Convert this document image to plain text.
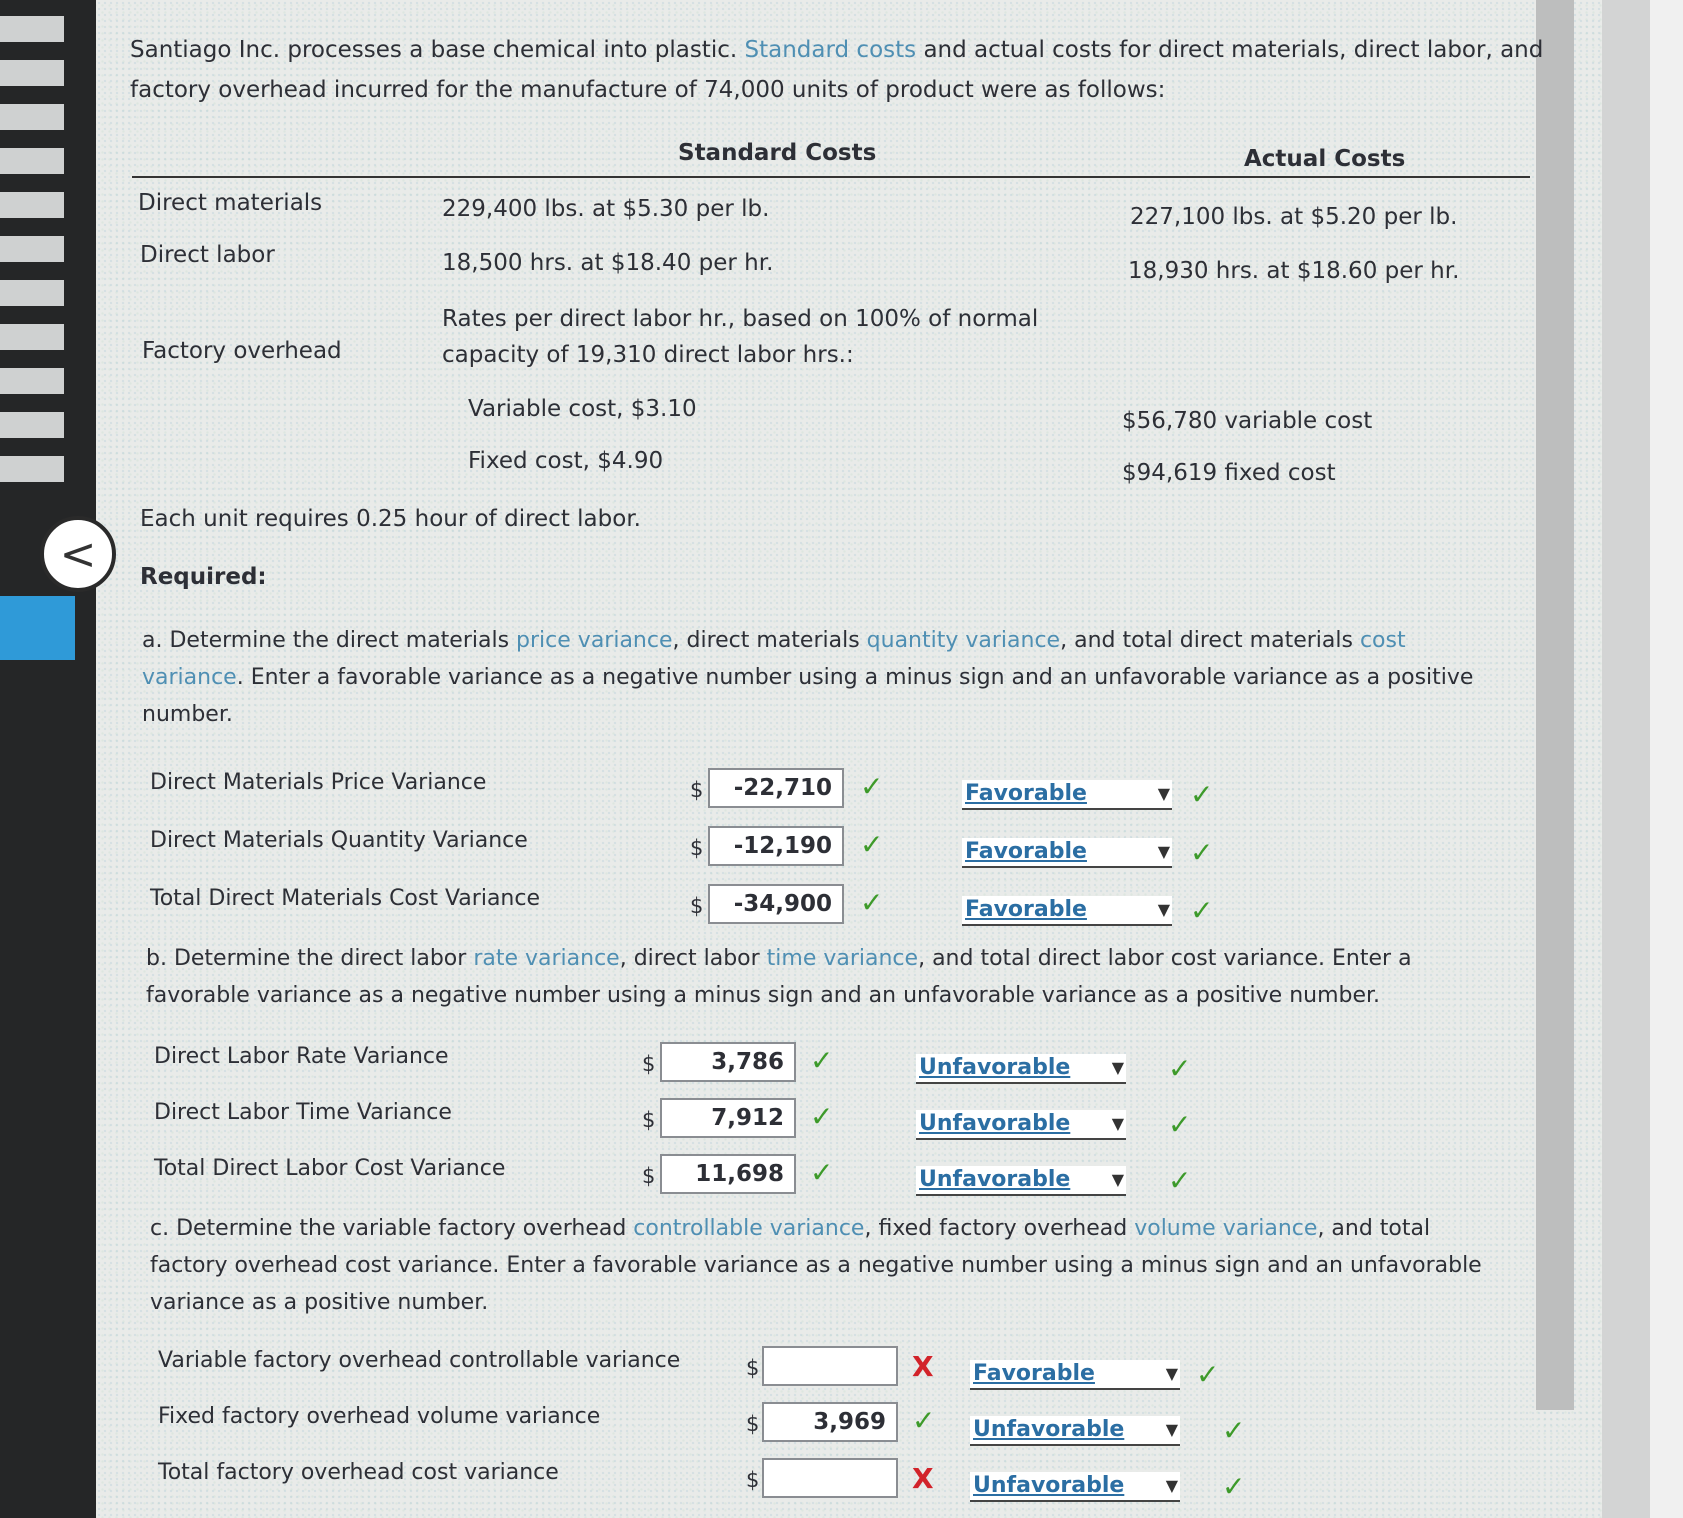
<
Santiago Inc. processes a base chemical into plastic. Standard costs and actual costs for direct materials, direct labor, and factory overhead incurred for the manufacture of 74,000 units of product were as follows:
Standard Costs	Actual Costs
Direct materials	229,400 lbs. at $5.30 per lb.	227,100 lbs. at $5.20 per lb.
Direct labor	18,500 hrs. at $18.40 per hr.	18,930 hrs. at $18.60 per hr.
Factory overhead
Rates per direct labor hr., based on 100% of normal
capacity of 19,310 direct labor hrs.:
Variable cost, $3.10	$56,780 variable cost
Fixed cost, $4.90	$94,619 fixed cost
Each unit requires 0.25 hour of direct labor.
Required:
a. Determine the direct materials price variance, direct materials quantity variance, and total direct materials cost variance. Enter a favorable variance as a negative number using a minus sign and an unfavorable variance as a positive number.
Direct Materials Price Variance	$	-22,710	✓	Favorable	▼ ✓
Direct Materials Quantity Variance	$	-12,190	✓	Favorable	▼ ✓
Total Direct Materials Cost Variance	$	-34,900	✓	Favorable	▼ ✓
b. Determine the direct labor rate variance, direct labor time variance, and total direct labor cost variance. Enter a favorable variance as a negative number using a minus sign and an unfavorable variance as a positive number.
Direct Labor Rate Variance	$	3,786 ✓	Unfavorable	▼ ✓
Direct Labor Time Variance	$	7,912 ✓	Unfavorable	▼ ✓
Total Direct Labor Cost Variance	$	11,698 ✓	Unfavorable	▼ ✓
c. Determine the variable factory overhead controllable variance, fixed factory overhead volume variance, and total factory overhead cost variance. Enter a favorable variance as a negative number using a minus sign and an unfavorable variance as a positive number.
Variable factory overhead controllable variance	$	X Favorable	▼ ✓
Fixed factory overhead volume variance	$	3,969 ✓ Unfavorable	▼ ✓
Total factory overhead cost variance	$	X Unfavorable	▼ ✓
